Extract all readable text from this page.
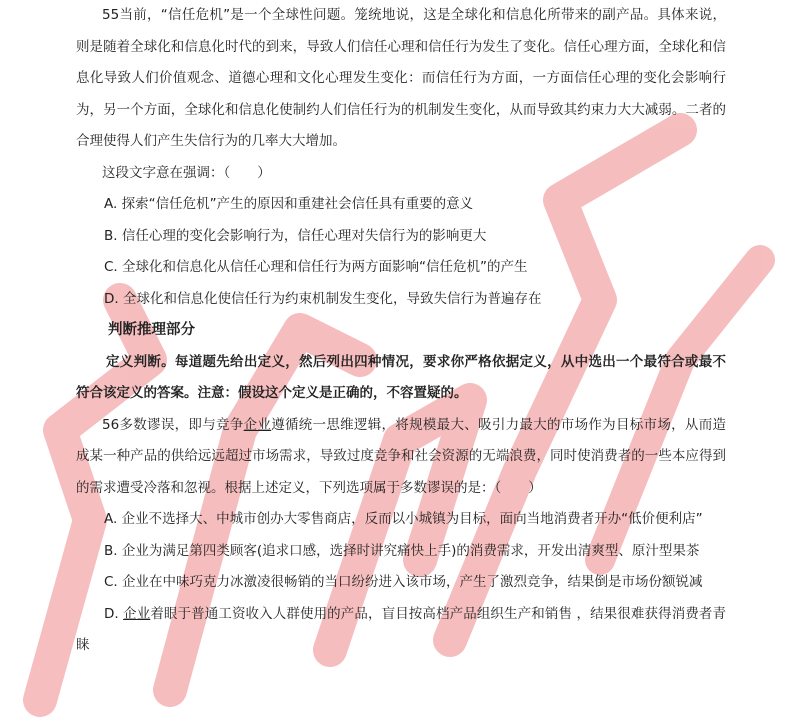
55当前，“信任危机”是一个全球性问题。笼统地说，这是全球化和信息化所带来的副产品。具体来说，则是随着全球化和信息化时代的到来，导致人们信任心理和信任行为发生了变化。信任心理方面，全球化和信息化导致人们价值观念、道德心理和文化心理发生变化：而信任行为方面，一方面信任心理的变化会影响行为，另一个方面，全球化和信息化使制约人们信任行为的机制发生变化，从而导致其约束力大大减弱。二者的合理使得人们产生失信行为的几率大大增加。

这段文字意在强调：（　　）

A. 探索“信任危机”产生的原因和重建社会信任具有重要的意义

B. 信任心理的变化会影响行为，信任心理对失信行为的影响更大

C. 全球化和信息化从信任心理和信任行为两方面影响“信任危机”的产生

D. 全球化和信息化使信任行为约束机制发生变化，导致失信行为普遍存在

判断推理部分

定义判断。每道题先给出定义，然后列出四种情况，要求你严格依据定义，从中选出一个最符合或最不符合该定义的答案。注意：假设这个定义是正确的，不容置疑的。

56多数谬误，即与竞争企业遵循统一思维逻辑，将规模最大、吸引力最大的市场作为目标市场，从而造成某一种产品的供给远远超过市场需求，导致过度竞争和社会资源的无端浪费，同时使消费者的一些本应得到的需求遭受冷落和忽视。根据上述定义，下列选项属于多数谬误的是：（　　）

A. 企业不选择大、中城市创办大零售商店，反而以小城镇为目标，面向当地消费者开办“低价便利店”

B. 企业为满足第四类顾客(追求口感，选择时讲究痛快上手)的消费需求，开发出清爽型、原汁型果茶

C. 企业在中味巧克力冰激凌很畅销的当口纷纷进入该市场，产生了激烈竞争，结果倒是市场份额锐减

D. 企业着眼于普通工资收入人群使用的产品，盲目按高档产品组织生产和销售 ，结果很难获得消费者青睐
